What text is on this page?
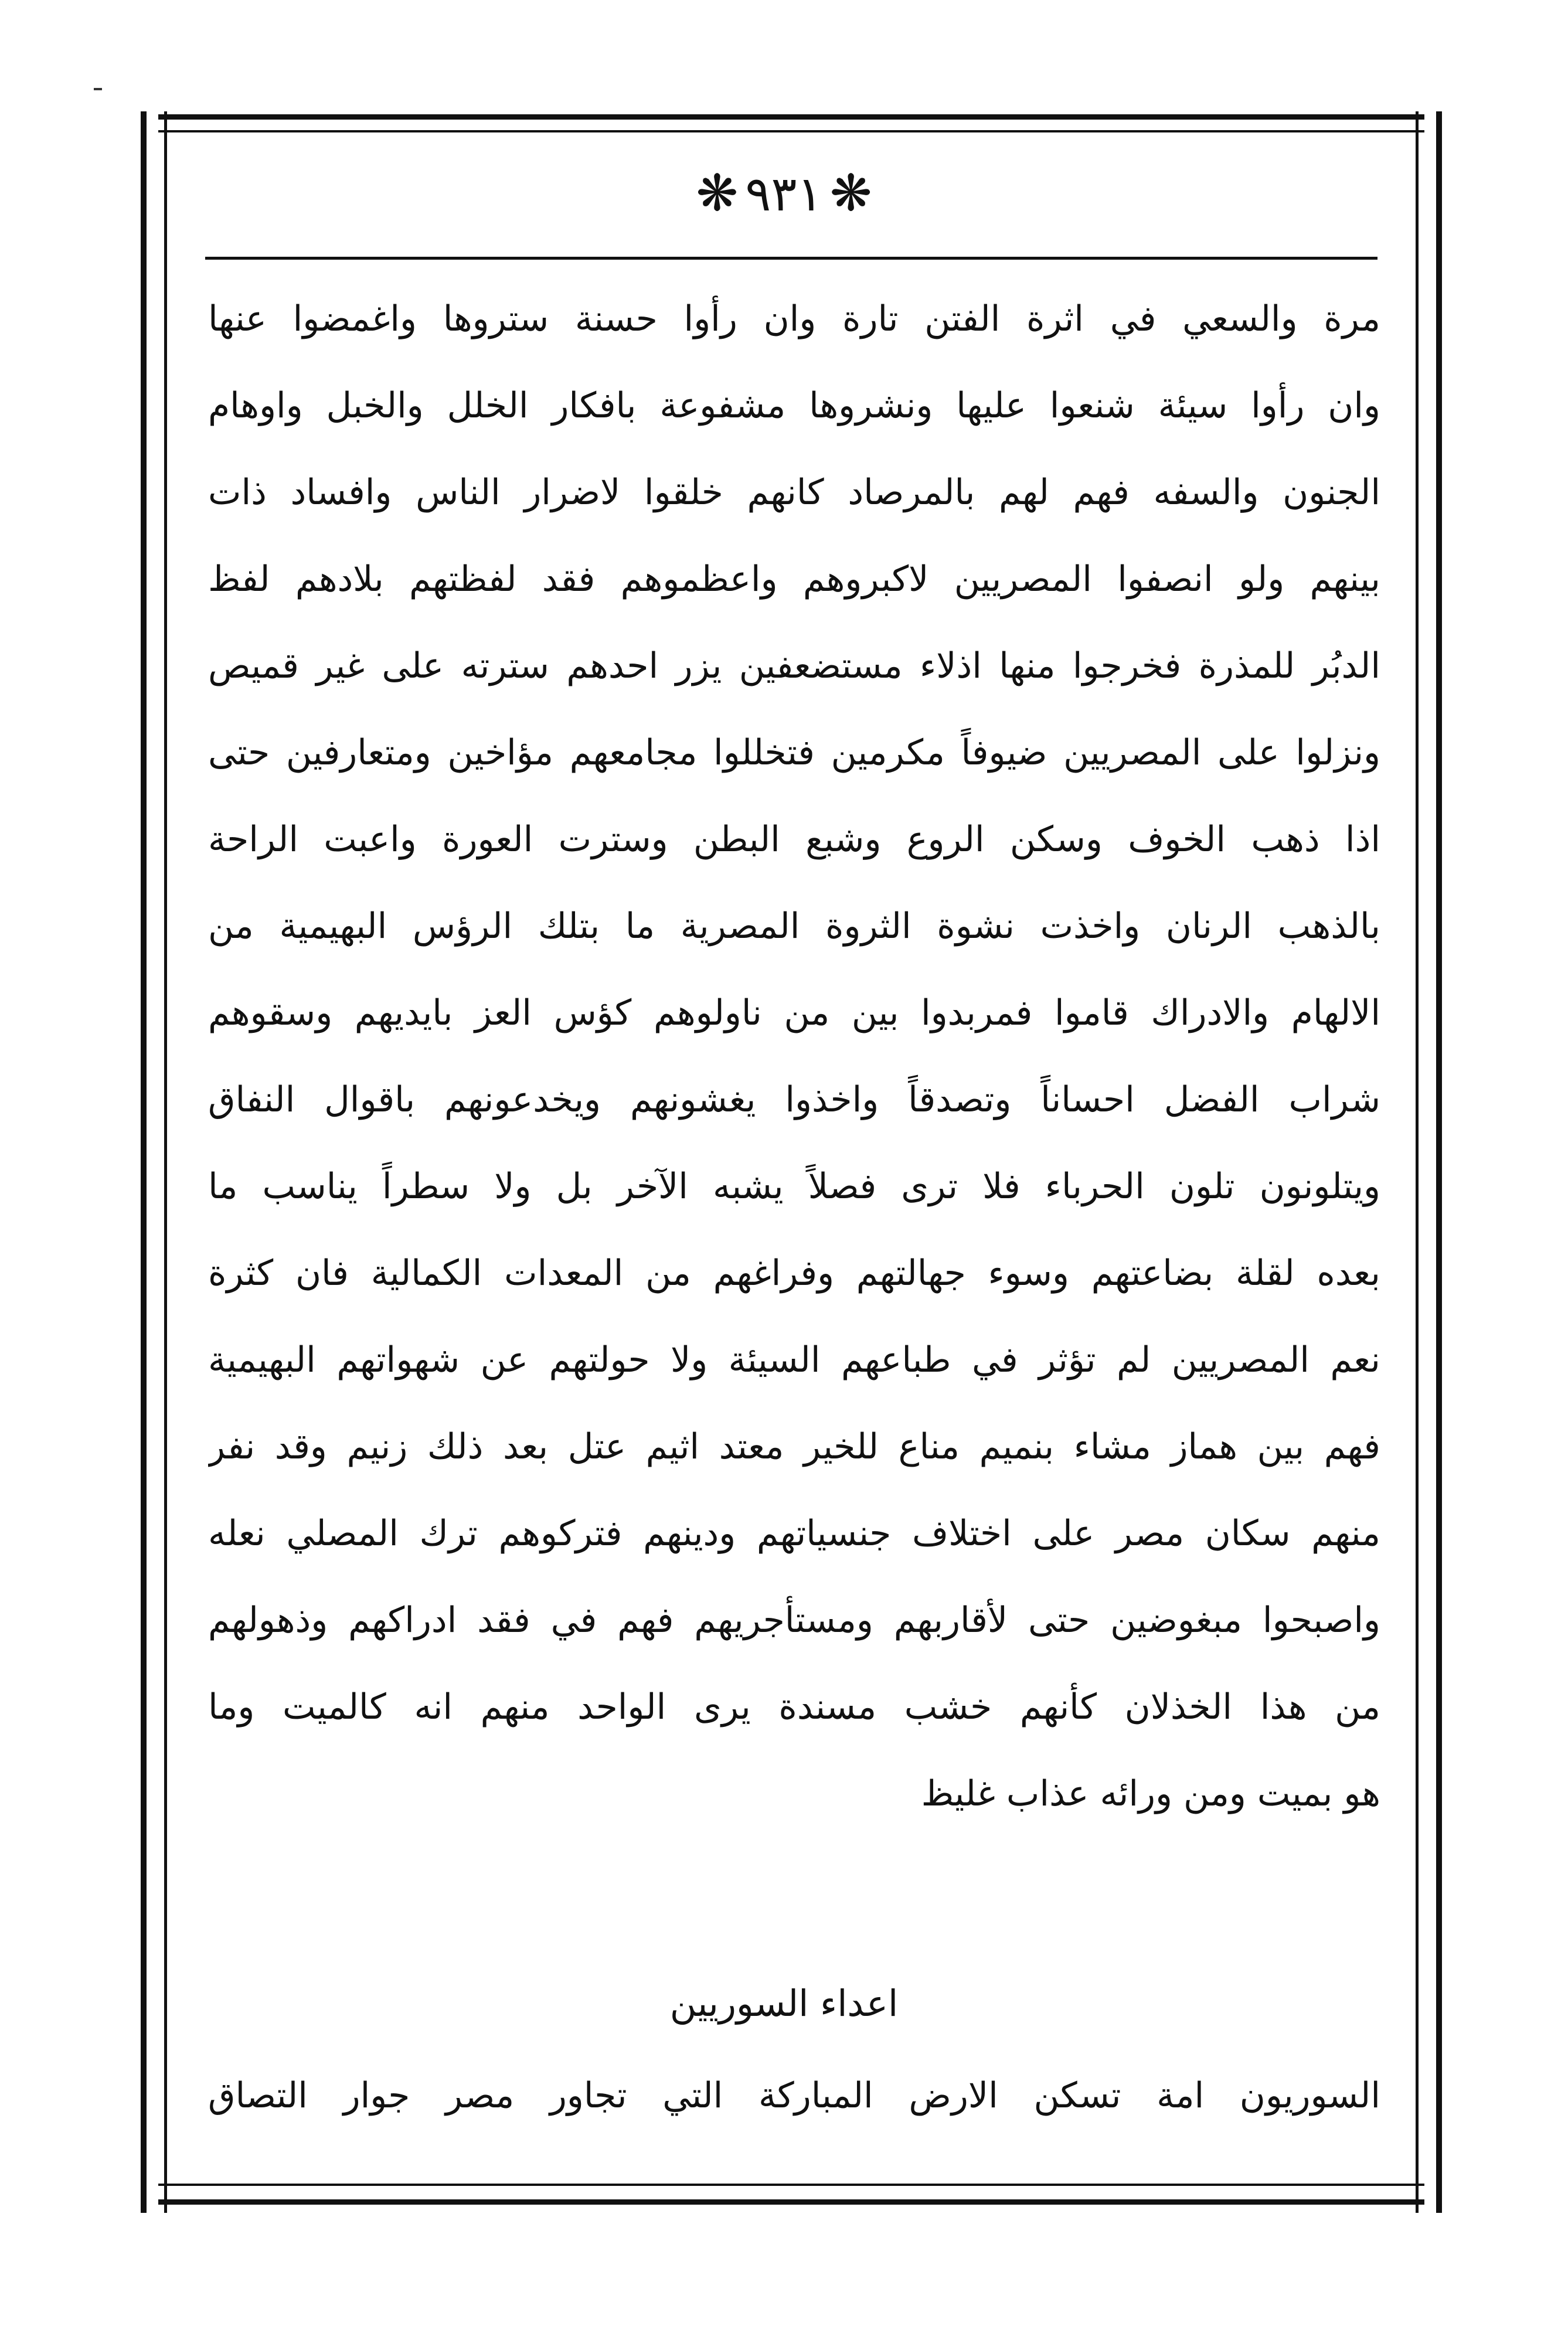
❋٩٣١❋
مرة والسعي في اثرة الفتن تارة وان رأوا حسنة ستروها واغمضوا عنها
وان رأوا سيئة شنعوا عليها ونشروها مشفوعة بافكار الخلل والخبل واوهام
الجنون والسفه فهم لهم بالمرصاد كانهم خلقوا لاضرار الناس وافساد ذات
بينهم ولو انصفوا المصريين لاكبروهم واعظموهم فقد لفظتهم بلادهم لفظ
الدبُر للمذرة فخرجوا منها اذلاء مستضعفين يزر احدهم سترته على غير قميص
ونزلوا على المصريين ضيوفاً مكرمين فتخللوا مجامعهم مؤاخين ومتعارفين حتى
اذا ذهب الخوف وسكن الروع وشبع البطن وسترت العورة واعبت الراحة
بالذهب الرنان واخذت نشوة الثروة المصرية ما بتلك الرؤس البهيمية من
الالهام والادراك قاموا فمربدوا بين من ناولوهم كؤس العز بايديهم وسقوهم
شراب الفضل احساناً وتصدقاً واخذوا يغشونهم ويخدعونهم باقوال النفاق
ويتلونون تلون الحرباء فلا ترى فصلاً يشبه الآخر بل ولا سطراً يناسب ما
بعده لقلة بضاعتهم وسوء جهالتهم وفراغهم من المعدات الكمالية فان كثرة
نعم المصريين لم تؤثر في طباعهم السيئة ولا حولتهم عن شهواتهم البهيمية
فهم بين هماز مشاء بنميم مناع للخير معتد اثيم عتل بعد ذلك زنيم وقد نفر
منهم سكان مصر على اختلاف جنسياتهم ودينهم فتركوهم ترك المصلي نعله
واصبحوا مبغوضين حتى لأقاربهم ومستأجريهم فهم في فقد ادراكهم وذهولهم
من هذا الخذلان كأنهم خشب مسندة يرى الواحد منهم انه كالميت وما
هو بميت ومن ورائه عذاب غليظ
اعداء السوريين
السوريون امة تسكن الارض المباركة التي تجاور مصر جوار التصاق
